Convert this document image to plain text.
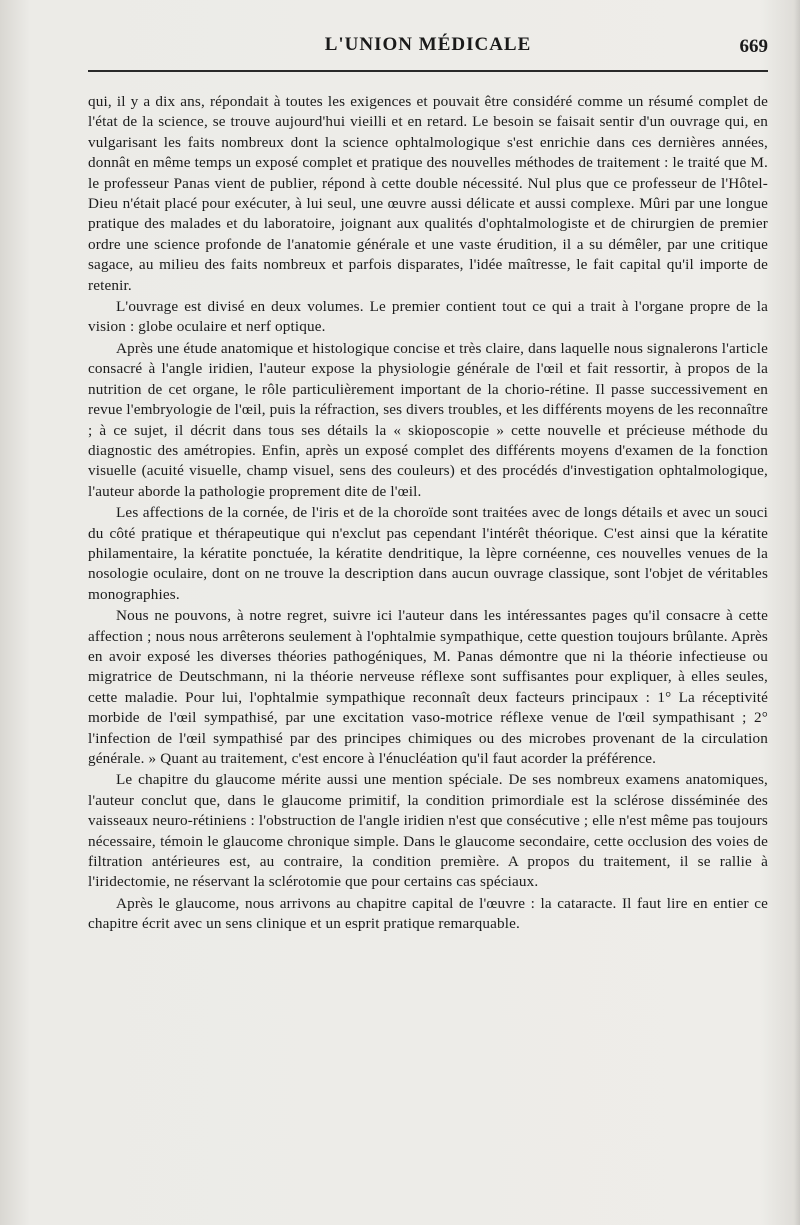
L'UNION MÉDICALE	669

qui, il y a dix ans, répondait à toutes les exigences et pouvait être considéré comme un résumé complet de l'état de la science, se trouve aujourd'hui vieilli et en retard. Le besoin se faisait sentir d'un ouvrage qui, en vulgarisant les faits nombreux dont la science ophtalmologique s'est enrichie dans ces dernières années, donnât en même temps un exposé complet et pratique des nouvelles méthodes de traitement : le traité que M. le professeur Panas vient de publier, répond à cette double nécessité. Nul plus que ce professeur de l'Hôtel-Dieu n'était placé pour exécuter, à lui seul, une œuvre aussi délicate et aussi complexe. Mûri par une longue pratique des malades et du laboratoire, joignant aux qualités d'ophtalmologiste et de chirurgien de premier ordre une science profonde de l'anatomie générale et une vaste érudition, il a su démêler, par une critique sagace, au milieu des faits nombreux et parfois disparates, l'idée maîtresse, le fait capital qu'il importe de retenir.

L'ouvrage est divisé en deux volumes. Le premier contient tout ce qui a trait à l'organe propre de la vision : globe oculaire et nerf optique.

Après une étude anatomique et histologique concise et très claire, dans laquelle nous signalerons l'article consacré à l'angle iridien, l'auteur expose la physiologie générale de l'œil et fait ressortir, à propos de la nutrition de cet organe, le rôle particulièrement important de la chorio-rétine. Il passe successivement en revue l'embryologie de l'œil, puis la réfraction, ses divers troubles, et les différents moyens de les reconnaître ; à ce sujet, il décrit dans tous ses détails la « skioposcopie » cette nouvelle et précieuse méthode du diagnostic des amétropies. Enfin, après un exposé complet des différents moyens d'examen de la fonction visuelle (acuité visuelle, champ visuel, sens des couleurs) et des procédés d'investigation ophtalmologique, l'auteur aborde la pathologie proprement dite de l'œil.

Les affections de la cornée, de l'iris et de la choroïde sont traitées avec de longs détails et avec un souci du côté pratique et thérapeutique qui n'exclut pas cependant l'intérêt théorique. C'est ainsi que la kératite philamentaire, la kératite ponctuée, la kératite dendritique, la lèpre cornéenne, ces nouvelles venues de la nosologie oculaire, dont on ne trouve la description dans aucun ouvrage classique, sont l'objet de véritables monographies.

Nous ne pouvons, à notre regret, suivre ici l'auteur dans les intéressantes pages qu'il consacre à cette affection ; nous nous arrêterons seulement à l'ophtalmie sympathique, cette question toujours brûlante. Après en avoir exposé les diverses théories pathogéniques, M. Panas démontre que ni la théorie infectieuse ou migratrice de Deutschmann, ni la théorie nerveuse réflexe sont suffisantes pour expliquer, à elles seules, cette maladie. Pour lui, l'ophtalmie sympathique reconnaît deux facteurs principaux : 1° La réceptivité morbide de l'œil sympathisé, par une excitation vaso-motrice réflexe venue de l'œil sympathisant ; 2° l'infection de l'œil sympathisé par des principes chimiques ou des microbes provenant de la circulation générale. » Quant au traitement, c'est encore à l'énucléation qu'il faut acorder la préférence.

Le chapitre du glaucome mérite aussi une mention spéciale. De ses nombreux examens anatomiques, l'auteur conclut que, dans le glaucome primitif, la condition primordiale est la sclérose disséminée des vaisseaux neuro-rétiniens : l'obstruction de l'angle iridien n'est que consécutive ; elle n'est même pas toujours nécessaire, témoin le glaucome chronique simple. Dans le glaucome secondaire, cette occlusion des voies de filtration antérieures est, au contraire, la condition première. A propos du traitement, il se rallie à l'iridectomie, ne réservant la sclérotomie que pour certains cas spéciaux.

Après le glaucome, nous arrivons au chapitre capital de l'œuvre : la cataracte. Il faut lire en entier ce chapitre écrit avec un sens clinique et un esprit pratique remarquable.
